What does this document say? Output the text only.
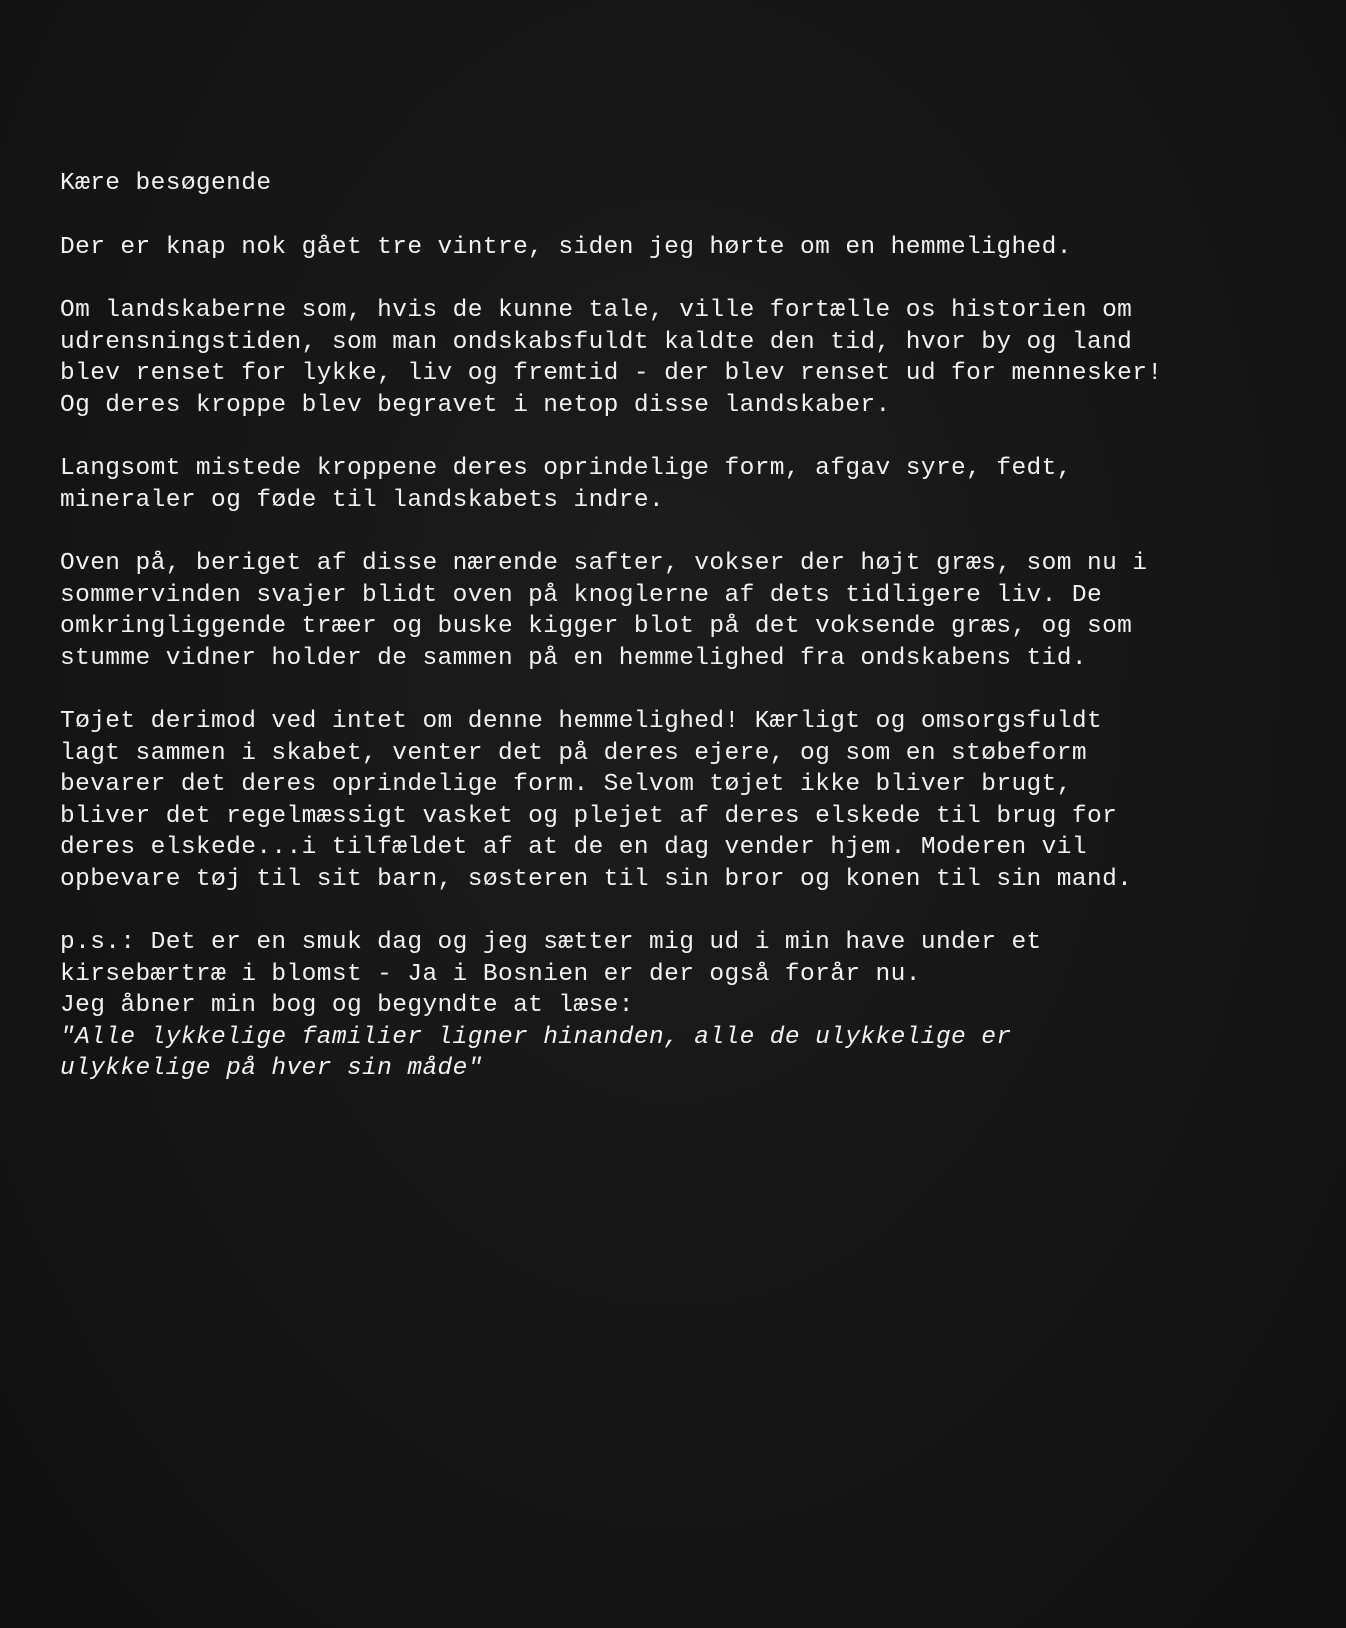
Kære besøgende
Der er knap nok gået tre vintre, siden jeg hørte om en hemmelighed.
Om landskaberne som, hvis de kunne tale, ville fortælle os historien om
udrensningstiden, som man ondskabsfuldt kaldte den tid, hvor by og land
blev renset for lykke, liv og fremtid - der blev renset ud for mennesker!
Og deres kroppe blev begravet i netop disse landskaber.
Langsomt mistede kroppene deres oprindelige form, afgav syre, fedt,
mineraler og føde til landskabets indre.
Oven på, beriget af disse nærende safter, vokser der højt græs, som nu i
sommervinden svajer blidt oven på knoglerne af dets tidligere liv. De
omkringliggende træer og buske kigger blot på det voksende græs, og som
stumme vidner holder de sammen på en hemmelighed fra ondskabens tid.
Tøjet derimod ved intet om denne hemmelighed! Kærligt og omsorgsfuldt
lagt sammen i skabet, venter det på deres ejere, og som en støbeform
bevarer det deres oprindelige form. Selvom tøjet ikke bliver brugt,
bliver det regelmæssigt vasket og plejet af deres elskede til brug for
deres elskede...i tilfældet af at de en dag vender hjem. Moderen vil
opbevare tøj til sit barn, søsteren til sin bror og konen til sin mand.
p.s.: Det er en smuk dag og jeg sætter mig ud i min have under et
kirsebærtræ i blomst - Ja i Bosnien er der også forår nu.
Jeg åbner min bog og begyndte at læse:
"Alle lykkelige familier ligner hinanden, alle de ulykkelige er
ulykkelige på hver sin måde"
